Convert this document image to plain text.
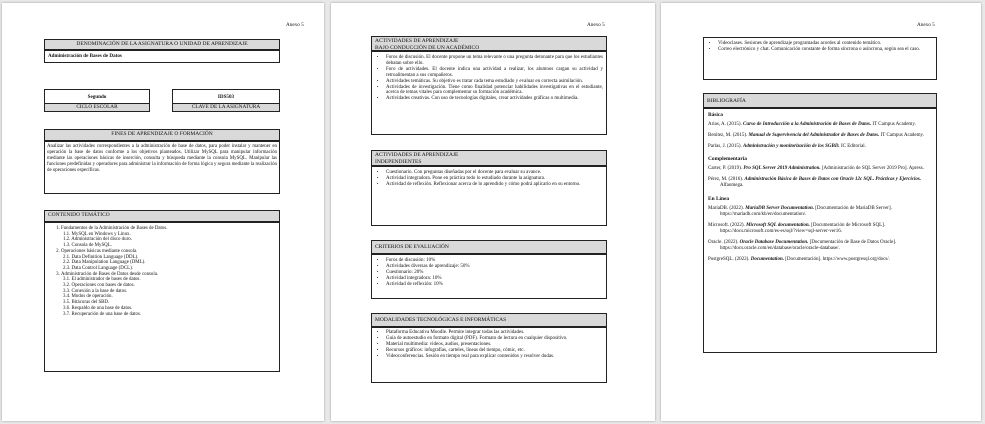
Anexo 5
DENOMINACIÓN DE LA ASIGNATURA O UNIDAD DE APRENDIZAJE
Administración de Bases de Datos
Segundo
CICLO ESCOLAR
IDS503
CLAVE DE LA ASIGNATURA
FINES DE APRENDIZAJE O FORMACIÓN
Analizar las actividades correspondientes a la administración de base de datos, para poder instalar y mantener en operación la base de datos conforme a los objetivos planteados. Utilizar MySQL para manipular información mediante las operaciones básicas de inserción, consulta y búsqueda mediante la consola MySQL. Manipular las funciones predefinidas y operadores para administrar la información de forma lógica y segura mediante la realización de operaciones específicas.
CONTENIDO TEMÁTICO
1. Fundamentos de la Administración de Bases de Datos.
1.1. MySQL en Windows y Linux.
1.2. Administración del disco duro.
1.3. Consola de MySQL.
2. Operaciones básicas mediante consola.
2.1. Data Definition Language (DDL).
2.2. Data Manipulation Language (DML).
2.3. Data Control Language (DCL).
3. Administración de Bases de Datos desde consola.
3.1. El administrador de bases de datos.
3.2. Operaciones con bases de datos.
3.3. Conexión a la base de datos.
3.4. Modos de operación.
3.5. Bitácoras del SBD.
3.6. Respaldo de una base de datos.
3.7. Recuperación de una base de datos.
Anexo 5
ACTIVIDADES DE APRENDIZAJE
BAJO CONDUCCIÓN DE UN ACADÉMICO
• Foros de discusión. El docente propone un tema relevante o una pregunta detonante para que los estudiantes debatan sobre ello.
• Foro de actividades. El docente indica una actividad a realizar, los alumnos cargan su actividad y retroalimentan a sus compañeros.
• Actividades temáticas. Su objetivo es tratar cada tema estudiado y evaluar en correcta asimilación.
• Actividades de investigación. Tiene como finalidad potenciar habilidades investigativas en el estudiante, acerca de temas vitales para complementar su formación académica.
• Actividades creativas. Con uso de tecnologías digitales, crear actividades gráficas o multimedia.
ACTIVIDADES DE APRENDIZAJE
INDEPENDIENTES
• Cuestionario. Con preguntas diseñadas por el docente para evaluar su avance.
• Actividad integradora. Pone en práctica todo lo estudiado durante la asignatura.
• Actividad de reflexión. Reflexionar acerca de lo aprendido y cómo podrá aplicarlo en su entorno.
CRITERIOS DE EVALUACIÓN
• Foros de discusión: 10%
• Actividades diversas de aprendizaje: 50%
• Cuestionario: 20%
• Actividad integradora: 10%
• Actividad de reflexión: 10%
MODALIDADES TECNOLÓGICAS E INFORMÁTICAS
• Plataforma Educativa Moodle. Permite integrar todas las actividades.
• Guía de autoestudio en formato digital (PDF). Formato de lectura en cualquier dispositivo.
• Material multimedia: videos, audios, presentaciones.
• Recursos gráficos: infografías, carteles, líneas del tiempo, cómic, etc.
• Videoconferencias. Sesión en tiempo real para explicar contenidos y resolver dudas.
Anexo 5
• Videoclases. Sesiones de aprendizaje programadas acordes al contenido temático.
• Correo electrónico y chat. Comunicación constante de forma síncrona o asíncrona, según sea el caso.
BIBLIOGRAFÍA
Básica
Arias, A. (2015). Curso de Introducción a la Administración de Bases de Datos. IT Campus Academy.
Benítez, M. (2015). Manual de Supervivencia del Administrador de Bases de Datos. IT Campus Academy.
Parlas, J. (2015). Administración y monitorización de los SGBD. IC Editorial.
Complementaria
Carter, P. (2019). Pro SQL Server 2019 Administration. [Administración de SQL Server 2019 Pro]. Apress.
Pérez, M. (2016). Administración Básica de Bases de Datos con Oracle 12c SQL. Prácticas y Ejercicios. Alfaomega.
En Línea
MariaDB. (2022). MariaDB Server Documentation. [Documentación de MariaDB Server]. https://mariadb.com/kb/en/documentation/.
Microsoft. (2022). Microsoft SQL documentation. [Documentación de Microsoft SQL]. https://docs.microsoft.com/es-es/sql/?view=sql-server-ver16.
Oracle. (2022). Oracle Database Documentation. [Documentación de Base de Datos Oracle]. https://docs.oracle.com/en/database/oracle/oracle-database/.
PostgreSQL. (2022). Documentation. [Documentación]. https://www.postgresql.org/docs/.
